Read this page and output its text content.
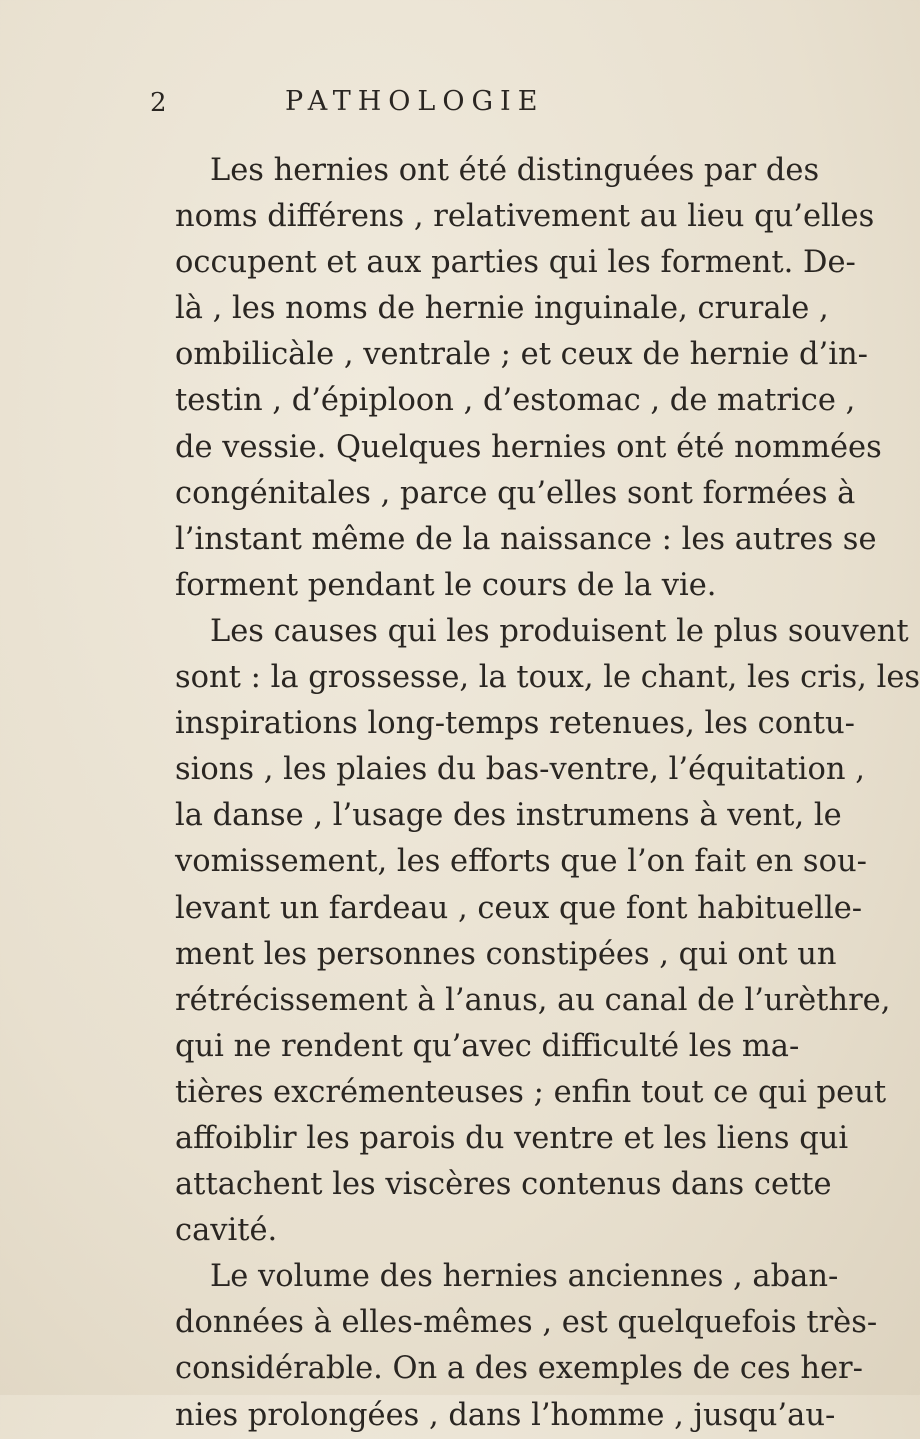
2	PATHOLOGIE
Les hernies ont été distinguées par des
noms différens , relativement au lieu qu’elles
occupent et aux parties qui les forment. De-
là , les noms de hernie inguinale, crurale ,
ombilicàle , ventrale ; et ceux de hernie d’in-
testin , d’épiploon , d’estomac , de matrice ,
de vessie. Quelques hernies ont été nommées
congénitales , parce qu’elles sont formées à
l’instant même de la naissance : les autres se
forment pendant le cours de la vie.
Les causes qui les produisent le plus souvent
sont : la grossesse, la toux, le chant, les cris, les
inspirations long-temps retenues, les contu-
sions , les plaies du bas-ventre, l’équitation ,
la danse , l’usage des instrumens à vent, le
vomissement, les efforts que l’on fait en sou-
levant un fardeau , ceux que font habituelle-
ment les personnes constipées , qui ont un
rétrécissement à l’anus, au canal de l’urèthre,
qui ne rendent qu’avec difficulté les ma-
tières excrémenteuses ; enfin tout ce qui peut
affoiblir les parois du ventre et les liens qui
attachent les viscères contenus dans cette
cavité.
Le volume des hernies anciennes , aban-
données à elles-mêmes , est quelquefois très-
considérable. On a des exemples de ces her-
nies prolongées , dans l’homme , jusqu’au-
